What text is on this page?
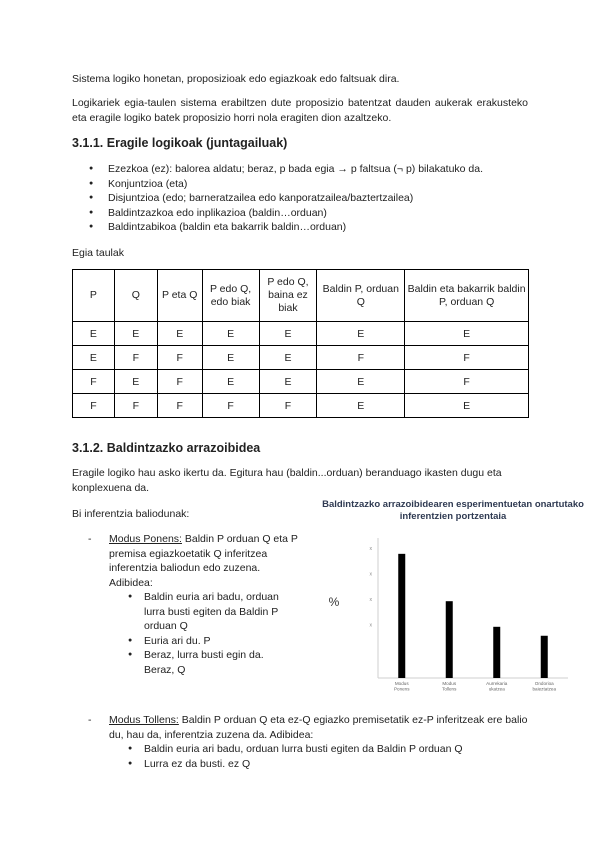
Sistema logiko honetan, proposizioak edo egiazkoak edo faltsuak dira.

Logikariek egia-taulen sistema erabiltzen dute proposizio batentzat dauden aukerak erakusteko eta eragile logiko batek proposizio horri nola eragiten dion azaltzeko.

3.1.1. Eragile logikoak (juntagailuak)
● Ezezkoa (ez): balorea aldatu; beraz, p bada egia → p faltsua (¬ p) bilakatuko da.
● Konjuntzioa (eta)
● Disjuntzioa (edo; barneratzailea edo kanporatzailea/baztertzailea)
● Baldintzazkoa edo inplikazioa (baldin…orduan)
● Baldintzabikoa (baldin eta bakarrik baldin…orduan)

Egia taulak

P	Q	P eta Q	P edo Q, edo biak	P edo Q, baina ez biak	Baldin P, orduan Q	Baldin eta bakarrik baldin P, orduan Q
E	E	E	E	E	E	E
E	F	F	E	E	F	F
F	E	F	E	E	E	F
F	F	F	F	F	E	E
3.1.2. Baldintzazko arrazoibidea

Eragile logiko hau asko ikertu da. Egitura hau (baldin...orduan) beranduago ikasten dugu eta konplexuena da.

Bi inferentzia baliodunak:

Baldintzazko arrazoibidearen esperimentuetan onartutako inferentzien portzentaia
- Modus Ponens: Baldin P orduan Q eta P premisa egiazkoetatik Q inferitzea inferentzia baliodun edo zuzena. Adibidea:
● Baldin euria ari badu, orduan lurra busti egiten da Baldin P orduan Q
● Euria ari du. P
● Beraz, lurra busti egin da. Beraz, Q
%
x
x
x
x
Modus Ponens
Modus Tollens
Aurrekaria ukatzea
Ondorioa baieztatzea
- Modus Tollens: Baldin P orduan Q eta ez-Q egiazko premisetatik ez-P inferitzeak ere balio du, hau da, inferentzia zuzena da. Adibidea:
● Baldin euria ari badu, orduan lurra busti egiten da Baldin P orduan Q
● Lurra ez da busti. ez Q
